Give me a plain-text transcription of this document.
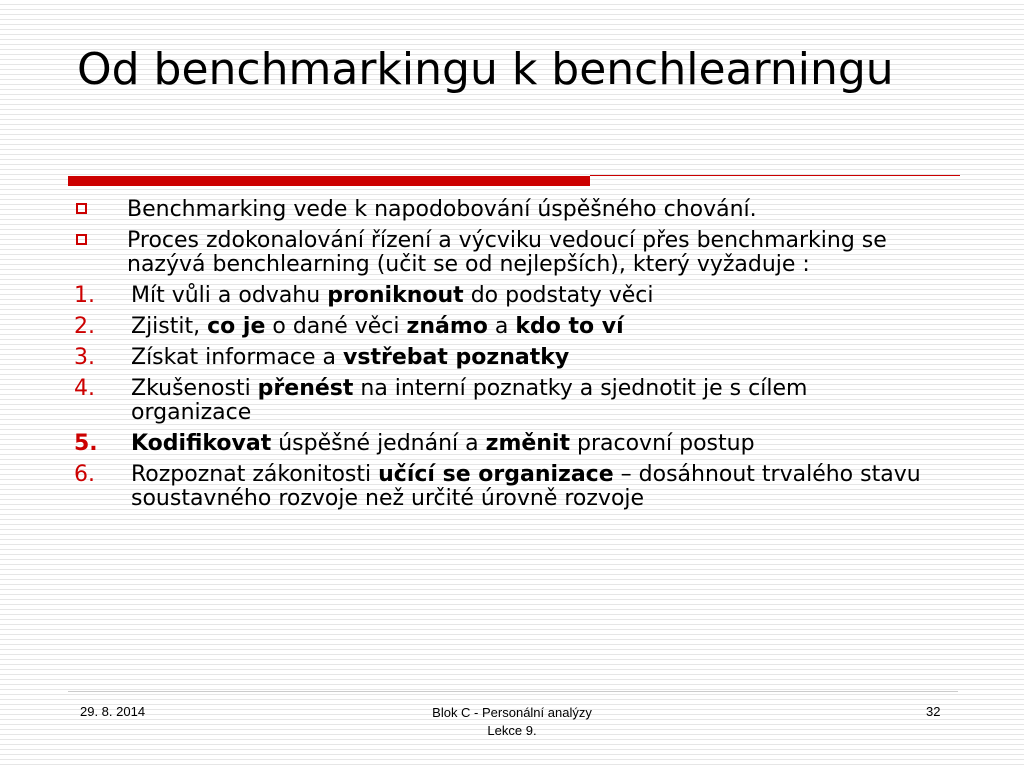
Od benchmarkingu k benchlearningu
Benchmarking vede k napodobování úspěšného chování.
Proces zdokonalování řízení a výcviku vedoucí přes benchmarking se nazývá benchlearning (učit se od nejlepších), který vyžaduje :
1. Mít vůli a odvahu proniknout do podstaty věci
2. Zjistit, co je o dané věci známo a kdo to ví
3. Získat informace a vstřebat poznatky
4. Zkušenosti přenést na interní poznatky a sjednotit je s cílem organizace
5. Kodifikovat úspěšné jednání a změnit pracovní postup
6. Rozpoznat zákonitosti učící se organizace – dosáhnout trvalého stavu soustavného rozvoje než určité úrovně rozvoje
29. 8. 2014	Blok C - Personální analýzy
Lekce 9.
32
